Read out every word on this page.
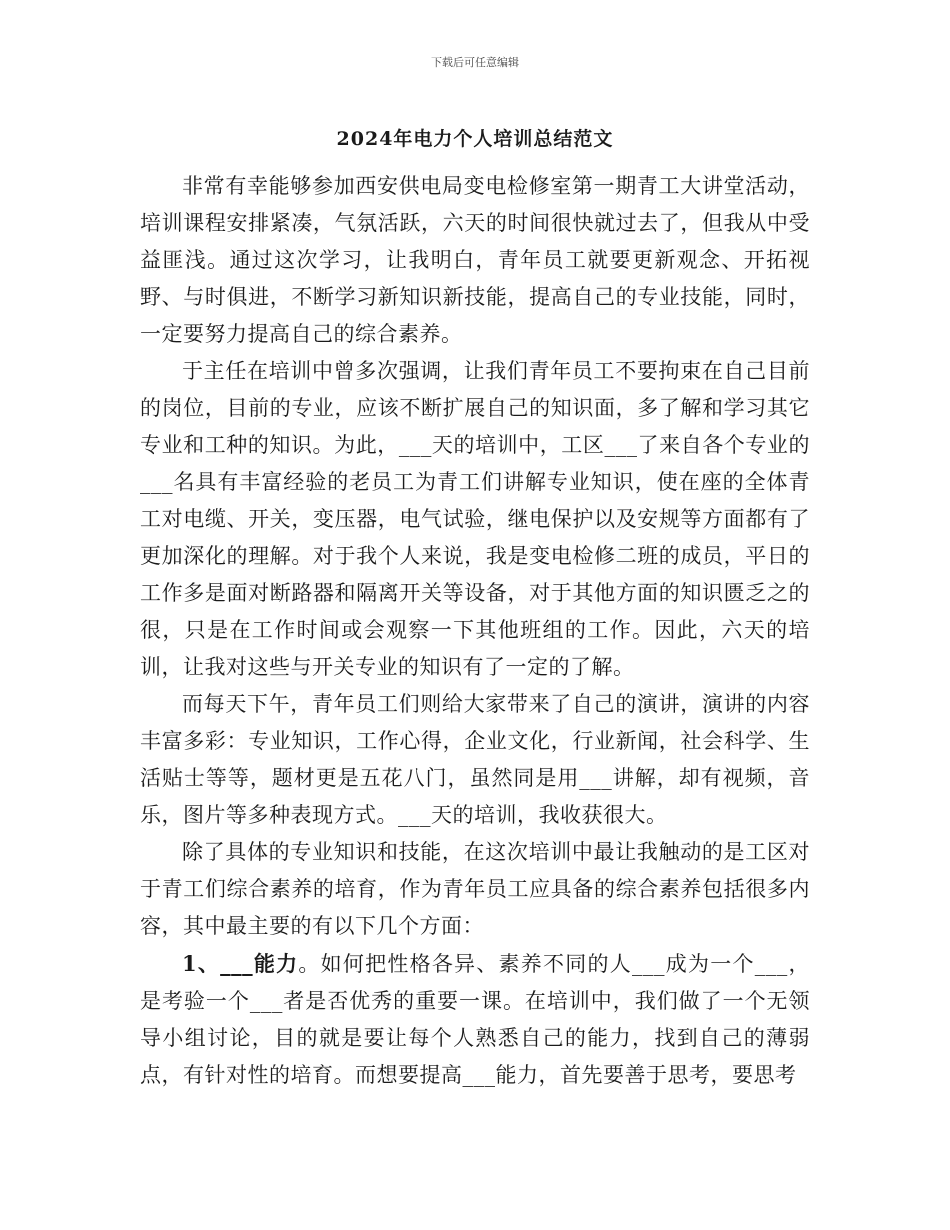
下载后可任意编辑
2024年电力个人培训总结范文

非常有幸能够参加西安供电局变电检修室第一期青工大讲堂活动，培训课程安排紧凑，气氛活跃，六天的时间很快就过去了，但我从中受益匪浅。通过这次学习，让我明白，青年员工就要更新观念、开拓视野、与时俱进，不断学习新知识新技能，提高自己的专业技能，同时，一定要努力提高自己的综合素养。

于主任在培训中曾多次强调，让我们青年员工不要拘束在自己目前的岗位，目前的专业，应该不断扩展自己的知识面，多了解和学习其它专业和工种的知识。为此，___天的培训中，工区___了来自各个专业的___名具有丰富经验的老员工为青工们讲解专业知识，使在座的全体青工对电缆、开关，变压器，电气试验，继电保护以及安规等方面都有了更加深化的理解。对于我个人来说，我是变电检修二班的成员，平日的工作多是面对断路器和隔离开关等设备，对于其他方面的知识匮乏之的很，只是在工作时间或会观察一下其他班组的工作。因此，六天的培训，让我对这些与开关专业的知识有了一定的了解。

而每天下午，青年员工们则给大家带来了自己的演讲，演讲的内容丰富多彩：专业知识，工作心得，企业文化，行业新闻，社会科学、生活贴士等等，题材更是五花八门，虽然同是用___讲解，却有视频，音乐，图片等多种表现方式。___天的培训，我收获很大。

除了具体的专业知识和技能，在这次培训中最让我触动的是工区对于青工们综合素养的培育，作为青年员工应具备的综合素养包括很多内容，其中最主要的有以下几个方面：

1、___能力。如何把性格各异、素养不同的人___成为一个___，是考验一个___者是否优秀的重要一课。在培训中，我们做了一个无领导小组讨论，目的就是要让每个人熟悉自己的能力，找到自己的薄弱点，有针对性的培育。而想要提高___能力，首先要善于思考，要思考
